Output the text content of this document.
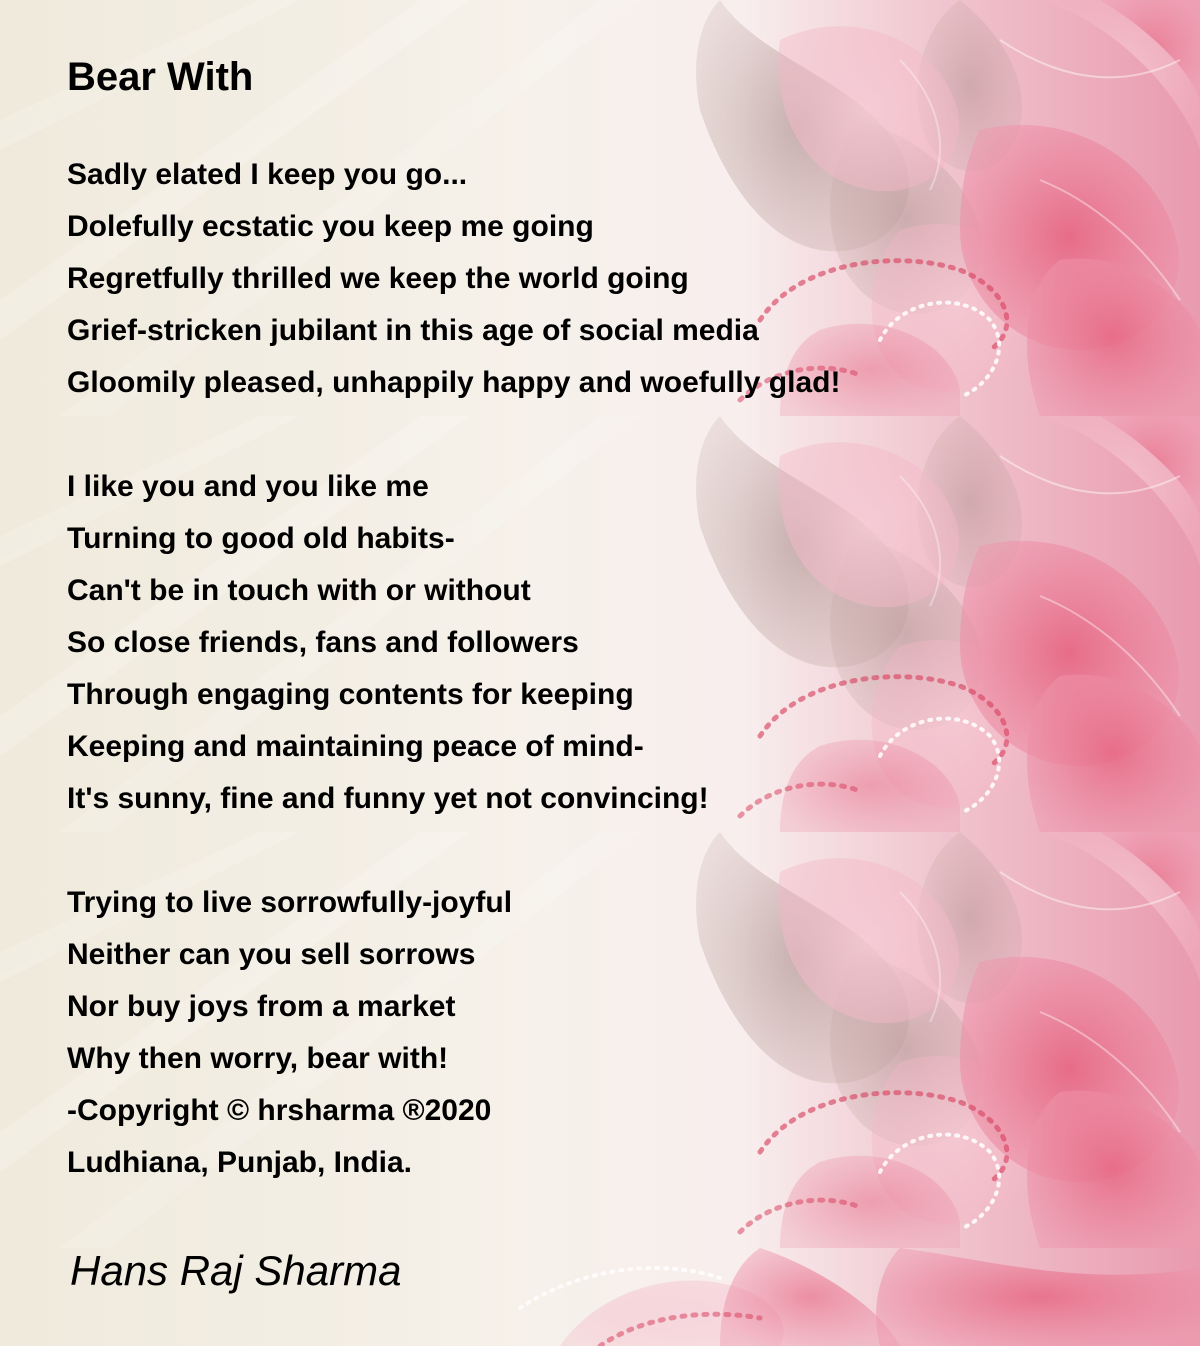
Bear With
Sadly elated I keep you go...
Dolefully ecstatic you keep me going
Regretfully thrilled we keep the world going
Grief-stricken jubilant in this age of social media
Gloomily pleased, unhappily happy and woefully glad!
I like you and you like me
Turning to good old habits-
Can't be in touch with or without
So close friends, fans and followers
Through engaging contents for keeping
Keeping and maintaining peace of mind-
It's sunny, fine and funny yet not convincing!
Trying to live sorrowfully-joyful
Neither can you sell sorrows
Nor buy joys from a market
Why then worry, bear with!
-Copyright © hrsharma ®2020
Ludhiana, Punjab, India.

Hans Raj Sharma
